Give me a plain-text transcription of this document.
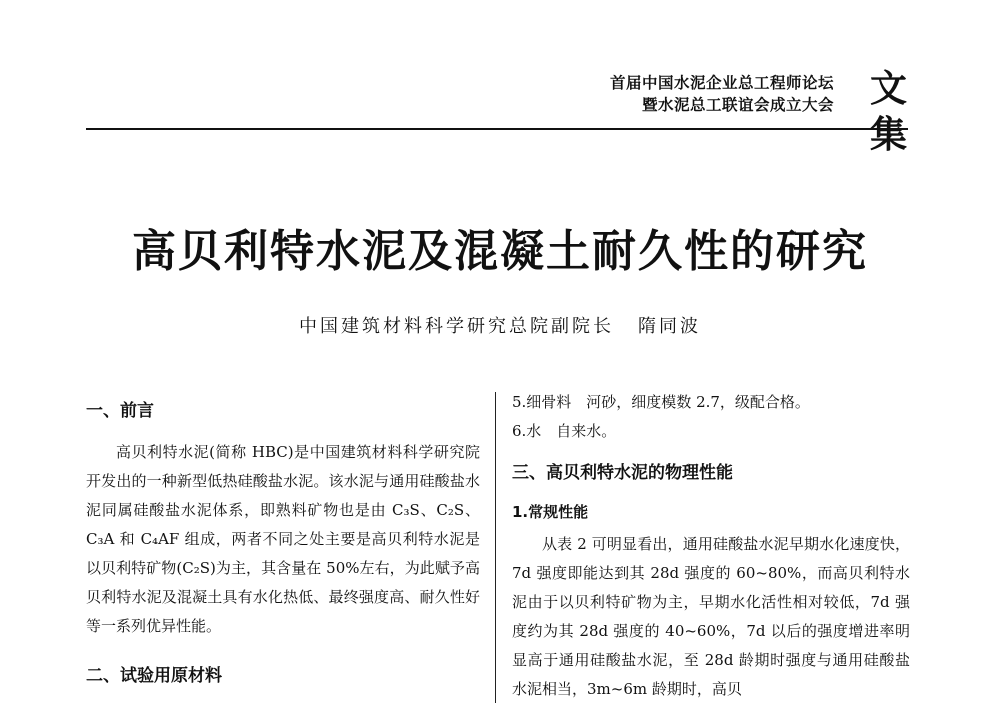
首届中国水泥企业总工程师论坛
暨水泥总工联谊会成立大会 文集
高贝利特水泥及混凝土耐久性的研究
中国建筑材料科学研究总院副院长 隋同波

一、前言

高贝利特水泥(简称 HBC)是中国建筑材料科学研究院开发出的一种新型低热硅酸盐水泥。该水泥与通用硅酸盐水泥同属硅酸盐水泥体系，即熟料矿物也是由 C₃S、C₂S、C₃A 和 C₄AF 组成，两者不同之处主要是高贝利特水泥是以贝利特矿物(C₂S)为主，其含量在 50%左右，为此赋予高贝利特水泥及混凝土具有水化热低、最终强度高、耐久性好等一系列优异性能。

二、试验用原材料

5.细骨料　河砂，细度模数 2.7，级配合格。

6.水　自来水。

三、高贝利特水泥的物理性能

1.常规性能

从表 2 可明显看出，通用硅酸盐水泥早期水化速度快，7d 强度即能达到其 28d 强度的 60~80%，而高贝利特水泥由于以贝利特矿物为主，早期水化活性相对较低，7d 强度约为其 28d 强度的 40~60%，7d 以后的强度增进率明显高于通用硅酸盐水泥，至 28d 龄期时强度与通用硅酸盐水泥相当，3m~6m 龄期时，高贝
